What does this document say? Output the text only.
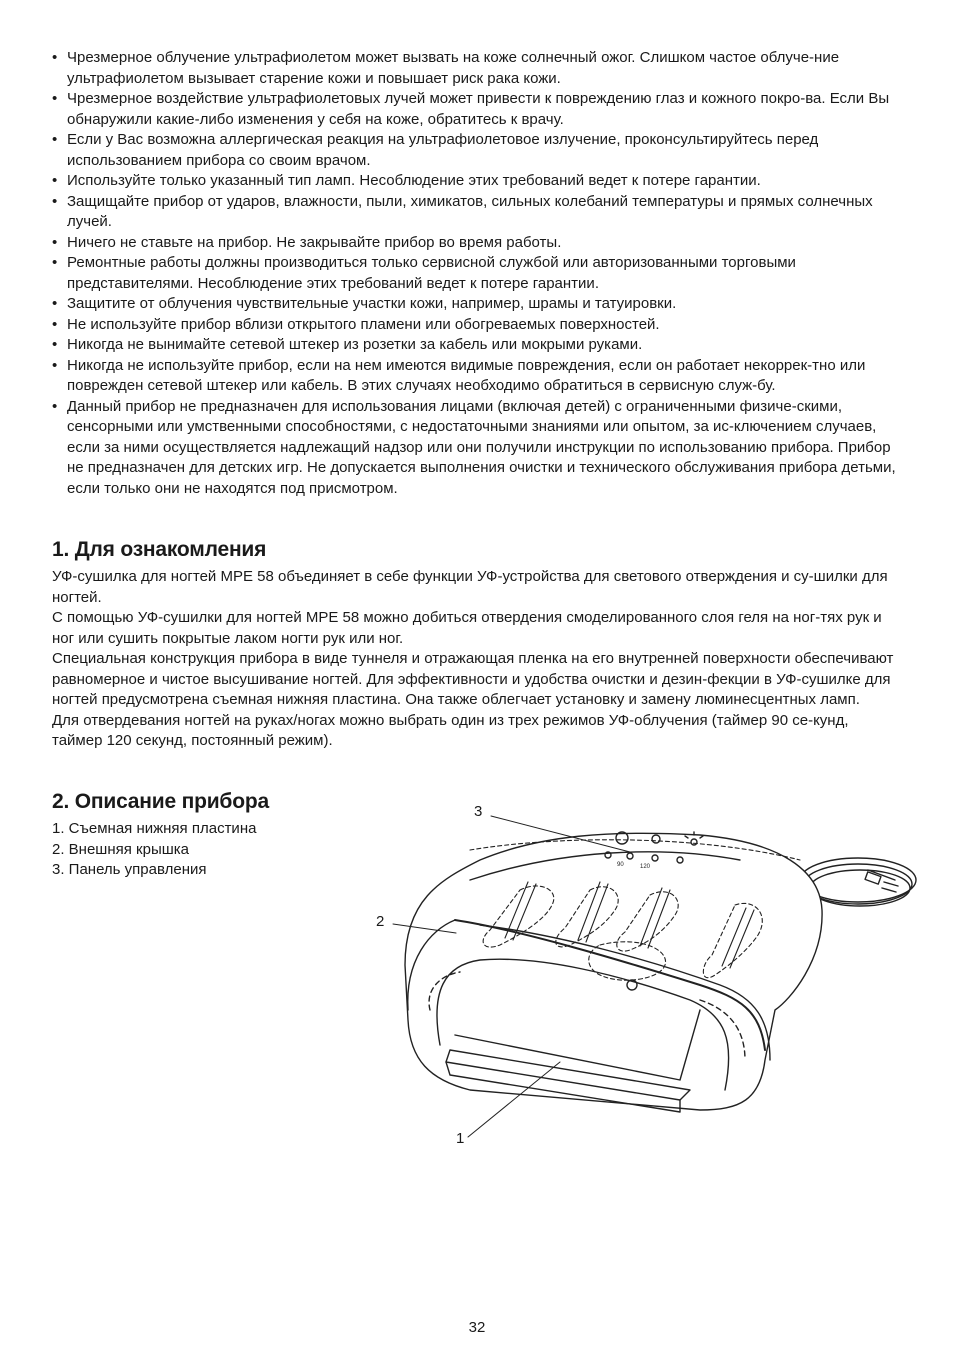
• Чрезмерное облучение ультрафиолетом может вызвать на коже солнечный ожог. Слишком частое облуче-ние ультрафиолетом вызывает старение кожи и повышает риск рака кожи.
• Чрезмерное воздействие ультрафиолетовых лучей может привести к повреждению глаз и кожного покро-ва. Если Вы обнаружили какие-либо изменения у себя на коже, обратитесь к врачу.
• Если у Вас возможна аллергическая реакция на ультрафиолетовое излучение, проконсультируйтесь перед использованием прибора со своим врачом.
• Используйте только указанный тип ламп. Несоблюдение этих требований ведет к потере гарантии.
• Защищайте прибор от ударов, влажности, пыли, химикатов, сильных колебаний температуры и прямых солнечных лучей.
• Ничего не ставьте на прибор. Не закрывайте прибор во время работы.
• Ремонтные работы должны производиться только сервисной службой или авторизованными торговыми представителями. Несоблюдение этих требований ведет к потере гарантии.
• Защитите от облучения чувствительные участки кожи, например, шрамы и татуировки.
• Не используйте прибор вблизи открытого пламени или обогреваемых поверхностей.
• Никогда не вынимайте сетевой штекер из розетки за кабель или мокрыми руками.
• Никогда не используйте прибор, если на нем имеются видимые повреждения, если он работает некоррек-тно или поврежден сетевой штекер или кабель. В этих случаях необходимо обратиться в сервисную служ-бу.
• Данный прибор не предназначен для использования лицами (включая детей) с ограниченными физиче-скими, сенсорными или умственными способностями, с недостаточными знаниями или опытом, за ис-ключением случаев, если за ними осуществляется надлежащий надзор или они получили инструкции по использованию прибора. Прибор не предназначен для детских игр. Не допускается выполнения очистки и технического обслуживания прибора детьми, если только они не находятся под присмотром.
1. Для ознакомления

УФ-сушилка для ногтей MPE 58 объединяет в себе функции УФ-устройства для светового отверждения и су-шилки для ногтей.

С помощью УФ-сушилки для ногтей MPE 58 можно добиться отвердения смоделированного слоя геля на ног-тях рук и ног или сушить покрытые лаком ногти рук или ног.

Специальная конструкция прибора в виде туннеля и отражающая пленка на его внутренней поверхности обеспечивают равномерное и чистое высушивание ногтей. Для эффективности и удобства очистки и дезин-фекции в УФ-сушилке для ногтей предусмотрена съемная нижняя пластина. Она также облегчает установку и замену люминесцентных ламп.

Для отвердевания ногтей на руках/ногах можно выбрать один из трех режимов УФ-облучения (таймер 90 се-кунд, таймер 120 секунд, постоянный режим).

2. Описание прибора
1. Съемная нижняя пластина
2. Внешняя крышка
3. Панель управления	90	120
3
2
1
32
